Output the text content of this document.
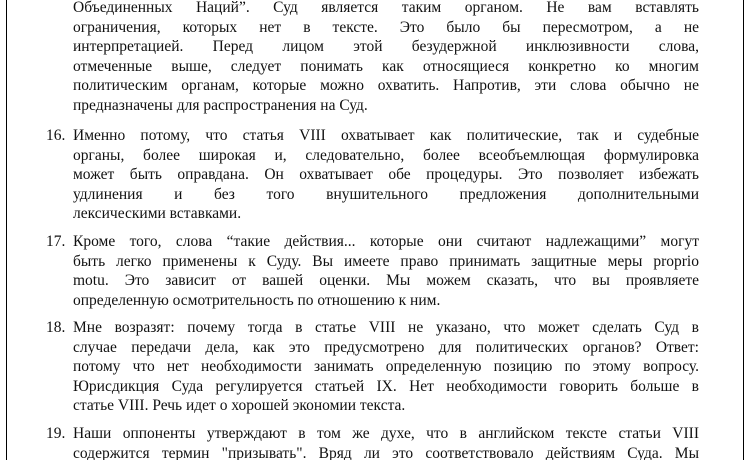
Объединенных Наций”. Суд является таким органом. Не вам вставлять
ограничения, которых нет в тексте. Это было бы пересмотром, а не
интерпретацией. Перед лицом этой безудержной инклюзивности слова,
отмеченные выше, следует понимать как относящиеся конкретно ко многим
политическим органам, которые можно охватить. Напротив, эти слова обычно не
предназначены для распространения на Суд.
16. Именно потому, что статья VIII охватывает как политические, так и судебные
органы, более широкая и, следовательно, более всеобъемлющая формулировка
может быть оправдана. Он охватывает обе процедуры. Это позволяет избежать
удлинения и без того внушительного предложения дополнительными
лексическими вставками.
17. Кроме того, слова “такие действия... которые они считают надлежащими” могут
быть легко применены к Суду. Вы имеете право принимать защитные меры proprio
motu. Это зависит от вашей оценки. Мы можем сказать, что вы проявляете
определенную осмотрительность по отношению к ним.
18. Мне возразят: почему тогда в статье VIII не указано, что может сделать Суд в
случае передачи дела, как это предусмотрено для политических органов? Ответ:
потому что нет необходимости занимать определенную позицию по этому вопросу.
Юрисдикция Суда регулируется статьей IX. Нет необходимости говорить больше в
статье VIII. Речь идет о хорошей экономии текста.
19. Наши оппоненты утверждают в том же духе, что в английском тексте статьи VIII
содержится термин "призывать". Вряд ли это соответствовало действиям Суда. Мы
